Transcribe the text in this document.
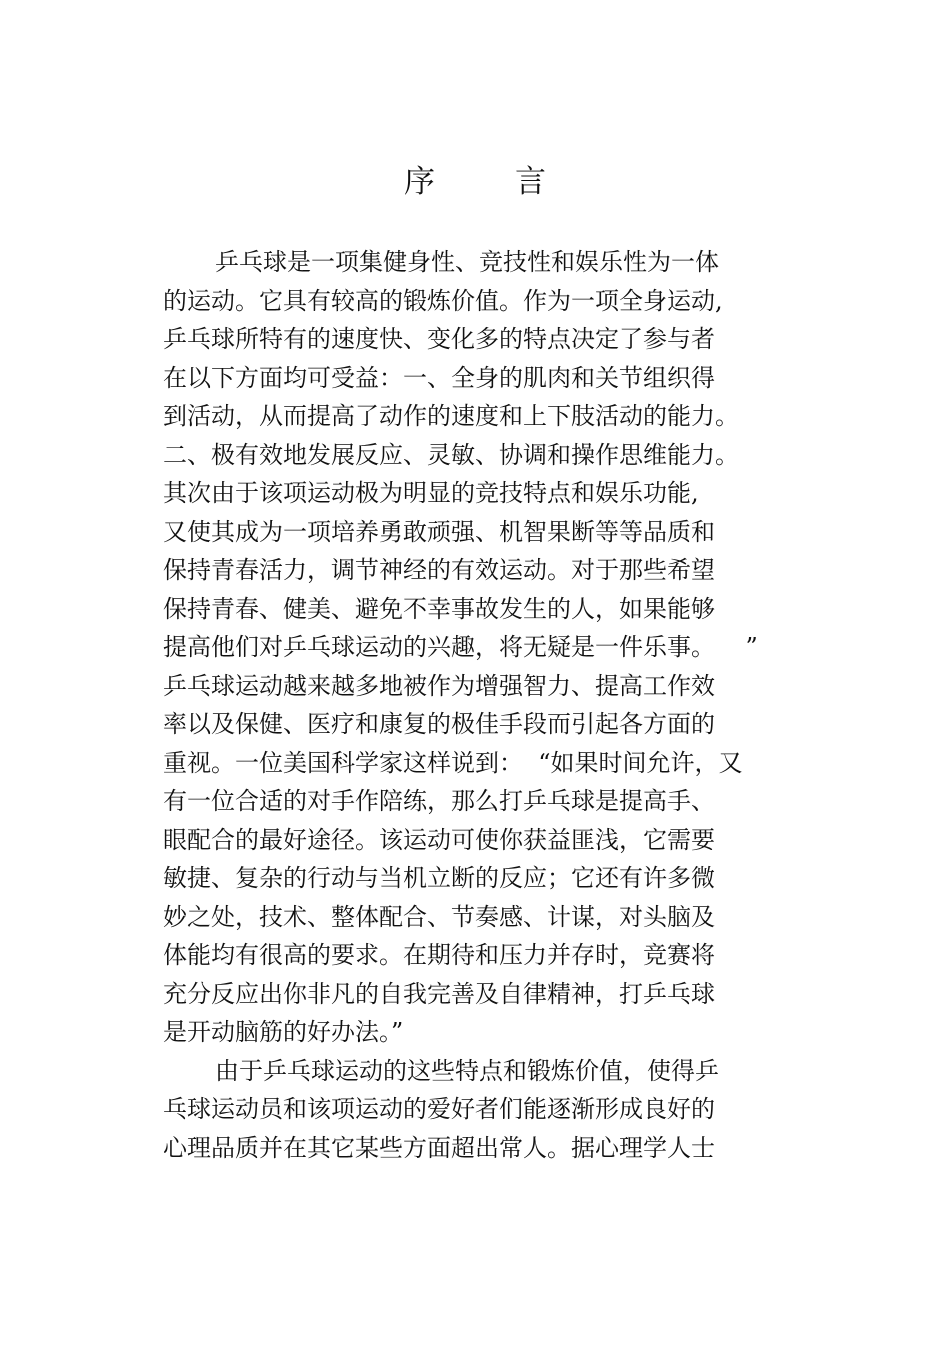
序	言
乒乓球是一项集健身性、竞技性和娱乐性为一体
的运动。它具有较高的锻炼价值。作为一项全身运动,
乒乓球所特有的速度快、变化多的特点决定了参与者
在以下方面均可受益：一、全身的肌肉和关节组织得
到活动，从而提高了动作的速度和上下肢活动的能力。
二、极有效地发展反应、灵敏、协调和操作思维能力。
其次由于该项运动极为明显的竞技特点和娱乐功能,
又使其成为一项培养勇敢顽强、机智果断等等品质和
保持青春活力，调节神经的有效运动。对于那些希望
保持青春、健美、避免不幸事故发生的人，如果能够
提高他们对乒乓球运动的兴趣，将无疑是一件乐事。    ”
乒乓球运动越来越多地被作为增强智力、提高工作效
率以及保健、医疗和康复的极佳手段而引起各方面的
重视。一位美国科学家这样说到：  “如果时间允许，又
有一位合适的对手作陪练，那么打乒乓球是提高手、
眼配合的最好途径。该运动可使你获益匪浅，它需要
敏捷、复杂的行动与当机立断的反应；它还有许多微
妙之处，技术、整体配合、节奏感、计谋，对头脑及
体能均有很高的要求。在期待和压力并存时，竞赛将
充分反应出你非凡的自我完善及自律精神，打乒乓球
是开动脑筋的好办法。”
由于乒乓球运动的这些特点和锻炼价值，使得乒
乓球运动员和该项运动的爱好者们能逐渐形成良好的
心理品质并在其它某些方面超出常人。据心理学人士
